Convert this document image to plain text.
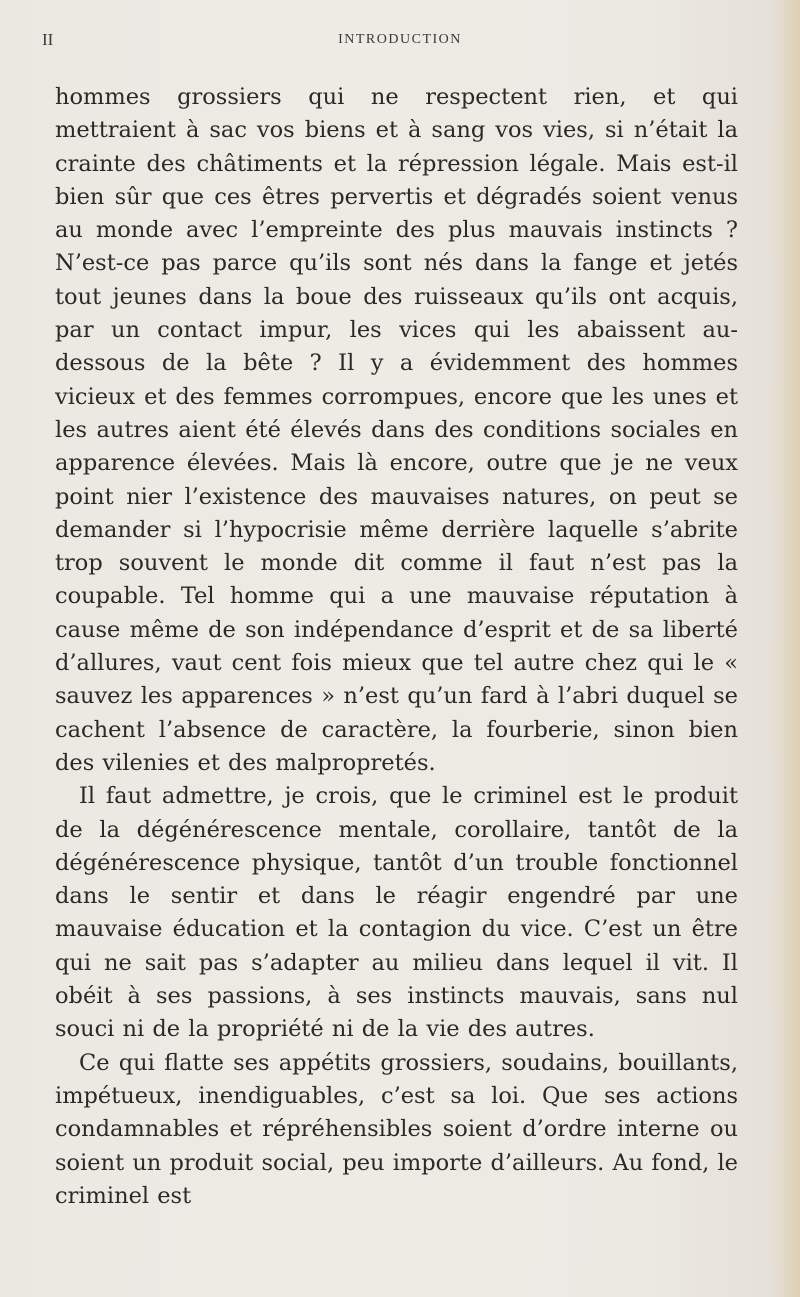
II	INTRODUCTION

hommes grossiers qui ne respectent rien, et qui mettraient à sac vos biens et à sang vos vies, si n’était la crainte des châtiments et la répression légale. Mais est-il bien sûr que ces êtres pervertis et dégradés soient venus au monde avec l’empreinte des plus mauvais instincts ? N’est-ce pas parce qu’ils sont nés dans la fange et jetés tout jeunes dans la boue des ruisseaux qu’ils ont acquis, par un contact impur, les vices qui les abaissent au-dessous de la bête ? Il y a évidemment des hommes vicieux et des femmes corrompues, encore que les unes et les autres aient été élevés dans des conditions sociales en apparence élevées. Mais là encore, outre que je ne veux point nier l’existence des mauvaises natures, on peut se demander si l’hypocrisie même derrière laquelle s’abrite trop souvent le monde dit comme il faut n’est pas la coupable. Tel homme qui a une mauvaise réputation à cause même de son indépendance d’esprit et de sa liberté d’allures, vaut cent fois mieux que tel autre chez qui le « sauvez les apparences » n’est qu’un fard à l’abri duquel se cachent l’absence de caractère, la fourberie, sinon bien des vilenies et des malpropretés.

Il faut admettre, je crois, que le criminel est le produit de la dégénérescence mentale, corollaire, tantôt de la dégénérescence physique, tantôt d’un trouble fonctionnel dans le sentir et dans le réagir engendré par une mauvaise éducation et la contagion du vice. C’est un être qui ne sait pas s’adapter au milieu dans lequel il vit. Il obéit à ses passions, à ses instincts mauvais, sans nul souci ni de la propriété ni de la vie des autres.

Ce qui flatte ses appétits grossiers, soudains, bouillants, impétueux, inendiguables, c’est sa loi. Que ses actions condamnables et répréhensibles soient d’ordre interne ou soient un produit social, peu importe d’ailleurs. Au fond, le criminel est
